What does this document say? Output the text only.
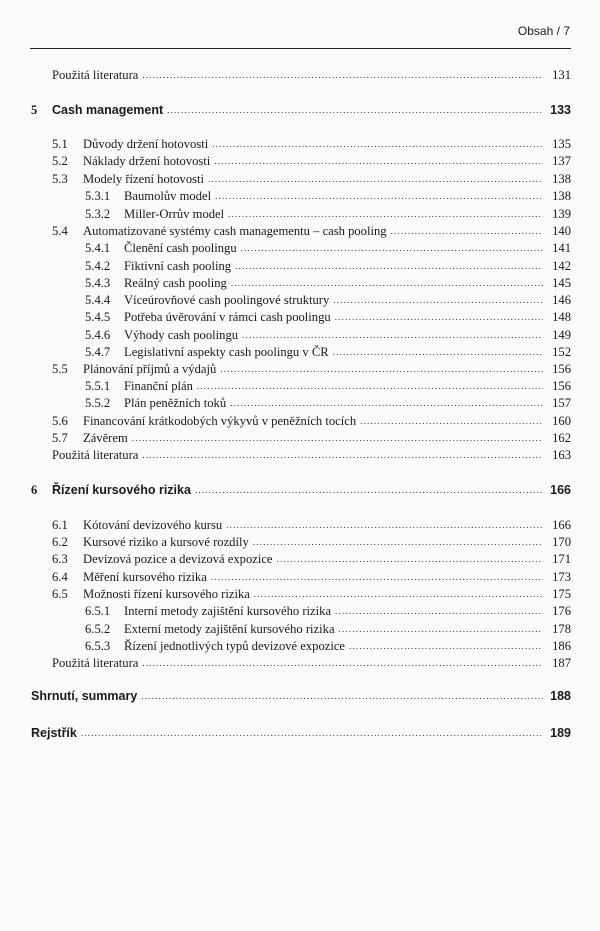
Obsah / 7
Použitá literatura .....	131
5	Cash management .....	133
5.1	Důvody držení hotovosti .....	135
5.2	Náklady držení hotovosti .....	137
5.3	Modely řízení hotovosti .....	138
5.3.1	Baumolův model .....	138
5.3.2	Miller-Orrův model .....	139
5.4	Automatizované systémy cash managementu – cash pooling .....	140
5.4.1	Členění cash poolingu .....	141
5.4.2	Fiktivní cash pooling .....	142
5.4.3	Reálný cash pooling .....	145
5.4.4	Víceúrovňové cash poolingové struktury .....	146
5.4.5	Potřeba úvěrování v rámci cash poolingu .....	148
5.4.6	Výhody cash poolingu .....	149
5.4.7	Legislativní aspekty cash poolingu v ČR .....	152
5.5	Plánování příjmů a výdajů .....	156
5.5.1	Finanční plán .....	156
5.5.2	Plán peněžních toků .....	157
5.6	Financování krátkodobých výkyvů v peněžních tocích .....	160
5.7	Závěrem .....	162
Použitá literatura .....	163
6	Řízení kursového rizika .....	166
6.1	Kótování devizového kursu .....	166
6.2	Kursové riziko a kursové rozdíly .....	170
6.3	Devizová pozice a devizová expozice .....	171
6.4	Měření kursového rizika .....	173
6.5	Možnosti řízení kursového rizika .....	175
6.5.1	Interní metody zajištění kursového rizika .....	176
6.5.2	Externí metody zajištění kursového rizika .....	178
6.5.3	Řízení jednotlivých typů devizové expozice .....	186
Použitá literatura .....	187
Shrnutí, summary .....	188
Rejstřík .....	189
